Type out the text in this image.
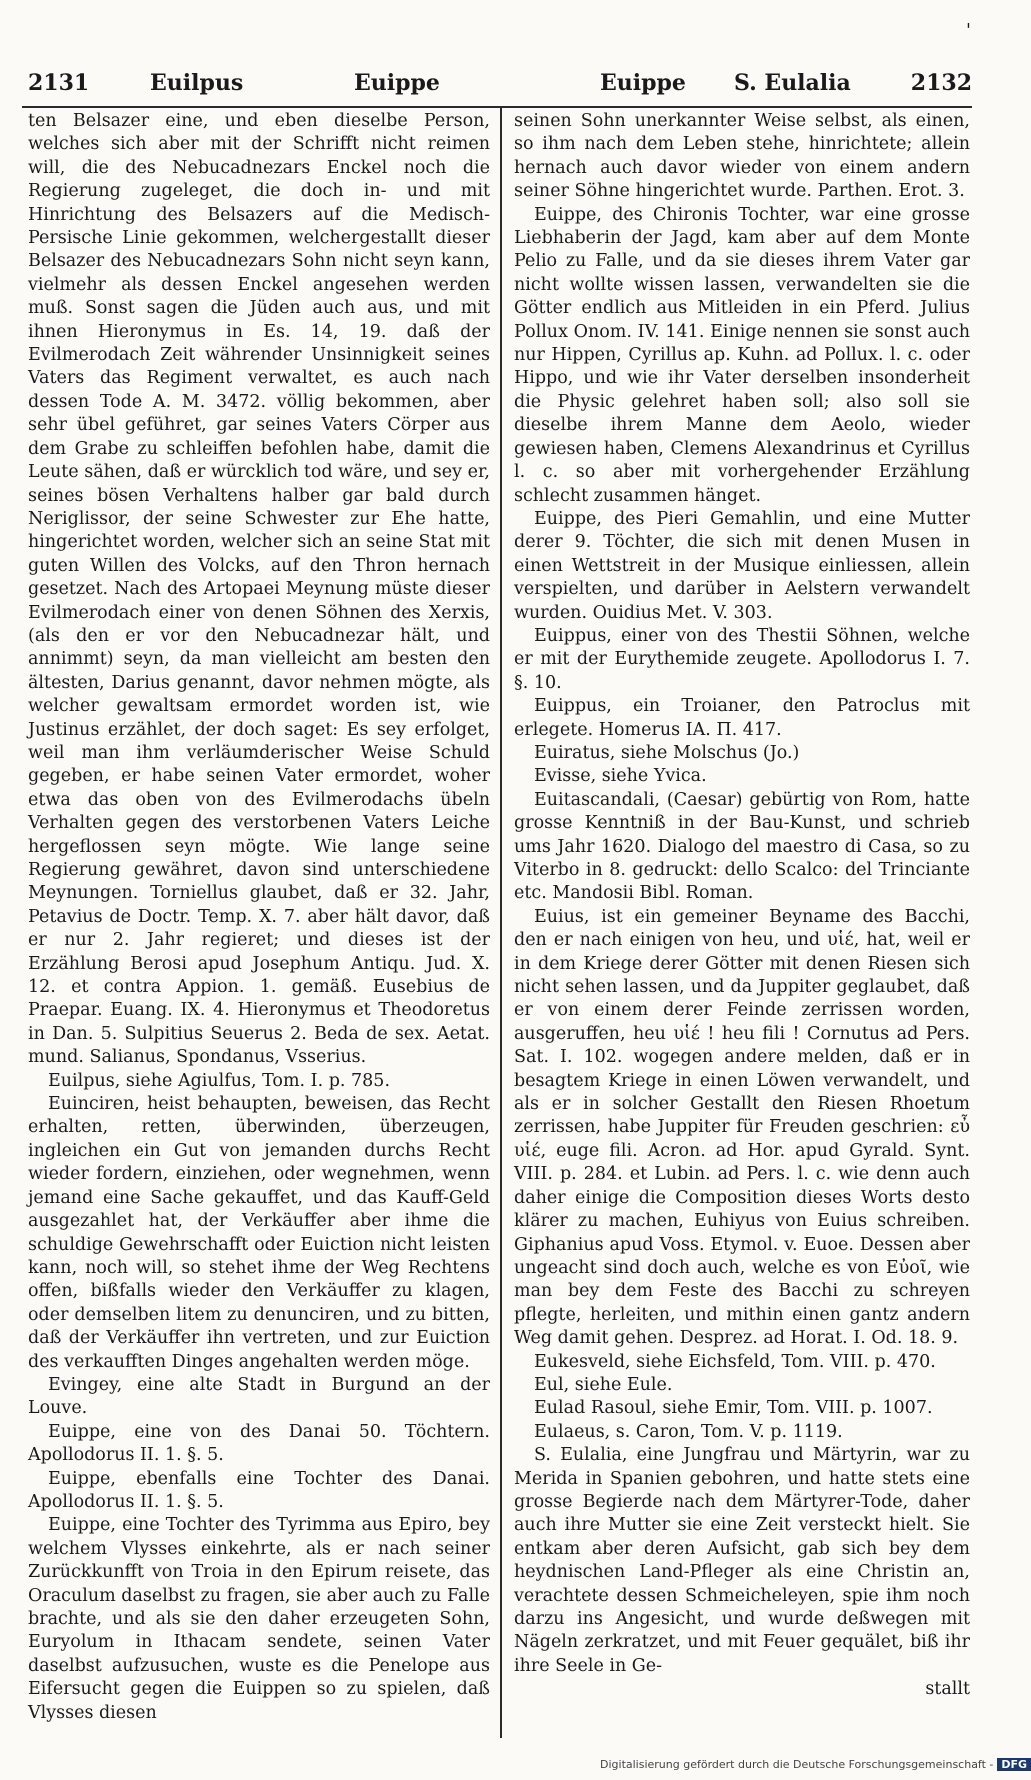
'
2131	Euilpus	Euippe	Euippe S. Eulalia	2132

ten Belsazer eine, und eben dieselbe Person, welches sich aber mit der Schrifft nicht reimen will, die des Nebucadnezars Enckel noch die Regierung zugeleget, die doch in- und mit Hinrichtung des Belsazers auf die Medisch-Persische Linie gekommen, welchergestallt dieser Belsazer des Nebucadnezars Sohn nicht seyn kann, vielmehr als dessen Enckel angesehen werden muß. Sonst sagen die Jüden auch aus, und mit ihnen Hieronymus in Es. 14, 19. daß der Evilmerodach Zeit währender Unsinnigkeit seines Vaters das Regiment verwaltet, es auch nach dessen Tode A. M. 3472. völlig bekommen, aber sehr übel geführet, gar seines Vaters Cörper aus dem Grabe zu schleiffen befohlen habe, damit die Leute sähen, daß er würcklich tod wäre, und sey er, seines bösen Verhaltens halber gar bald durch Neriglissor, der seine Schwester zur Ehe hatte, hingerichtet worden, welcher sich an seine Stat mit guten Willen des Volcks, auf den Thron hernach gesetzet. Nach des Artopaei Meynung müste dieser Evilmerodach einer von denen Söhnen des Xerxis, (als den er vor den Nebucadnezar hält, und annimmt) seyn, da man vielleicht am besten den ältesten, Darius genannt, davor nehmen mögte, als welcher gewaltsam ermordet worden ist, wie Justinus erzählet, der doch saget: Es sey erfolget, weil man ihm verläumderischer Weise Schuld gegeben, er habe seinen Vater ermordet, woher etwa das oben von des Evilmerodachs übeln Verhalten gegen des verstorbenen Vaters Leiche hergeflossen seyn mögte. Wie lange seine Regierung gewähret, davon sind unterschiedene Meynungen. Torniellus glaubet, daß er 32. Jahr, Petavius de Doctr. Temp. X. 7. aber hält davor, daß er nur 2. Jahr regieret; und dieses ist der Erzählung Berosi apud Josephum Antiqu. Jud. X. 12. et contra Appion. 1. gemäß. Eusebius de Praepar. Euang. IX. 4. Hieronymus et Theodoretus in Dan. 5. Sulpitius Seuerus 2. Beda de sex. Aetat. mund. Salianus, Spondanus, Vsserius.

Euilpus, siehe Agiulfus, Tom. I. p. 785.

Euinciren, heist behaupten, beweisen, das Recht erhalten, retten, überwinden, überzeugen, ingleichen ein Gut von jemanden durchs Recht wieder fordern, einziehen, oder wegnehmen, wenn jemand eine Sache gekauffet, und das Kauff-Geld ausgezahlet hat, der Verkäuffer aber ihme die schuldige Gewehrschafft oder Euiction nicht leisten kann, noch will, so stehet ihme der Weg Rechtens offen, bißfalls wieder den Verkäuffer zu klagen, oder demselben litem zu denunciren, und zu bitten, daß der Verkäuffer ihn vertreten, und zur Euiction des verkaufften Dinges angehalten werden möge.

Evingey, eine alte Stadt in Burgund an der Louve.

Euippe, eine von des Danai 50. Töchtern. Apollodorus II. 1. §. 5.

Euippe, ebenfalls eine Tochter des Danai. Apollodorus II. 1. §. 5.

Euippe, eine Tochter des Tyrimma aus Epiro, bey welchem Vlysses einkehrte, als er nach seiner Zurückkunfft von Troia in den Epirum reisete, das Oraculum daselbst zu fragen, sie aber auch zu Falle brachte, und als sie den daher erzeugeten Sohn, Euryolum in Ithacam sendete, seinen Vater daselbst aufzusuchen, wuste es die Penelope aus Eifersucht gegen die Euippen so zu spielen, daß Vlysses diesen

seinen Sohn unerkannter Weise selbst, als einen, so ihm nach dem Leben stehe, hinrichtete; allein hernach auch davor wieder von einem andern seiner Söhne hingerichtet wurde. Parthen. Erot. 3.

Euippe, des Chironis Tochter, war eine grosse Liebhaberin der Jagd, kam aber auf dem Monte Pelio zu Falle, und da sie dieses ihrem Vater gar nicht wollte wissen lassen, verwandelten sie die Götter endlich aus Mitleiden in ein Pferd. Julius Pollux Onom. IV. 141. Einige nennen sie sonst auch nur Hippen, Cyrillus ap. Kuhn. ad Pollux. l. c. oder Hippo, und wie ihr Vater derselben insonderheit die Physic gelehret haben soll; also soll sie dieselbe ihrem Manne dem Aeolo, wieder gewiesen haben, Clemens Alexandrinus et Cyrillus l. c. so aber mit vorhergehender Erzählung schlecht zusammen hänget.

Euippe, des Pieri Gemahlin, und eine Mutter derer 9. Töchter, die sich mit denen Musen in einen Wettstreit in der Musique einliessen, allein verspielten, und darüber in Aelstern verwandelt wurden. Ouidius Met. V. 303.

Euippus, einer von des Thestii Söhnen, welche er mit der Eurythemide zeugete. Apollodorus I. 7. §. 10.

Euippus, ein Troianer, den Patroclus mit erlegete. Homerus IA. Π. 417.

Euiratus, siehe Molschus (Jo.)

Evisse, siehe Yvica.

Euitascandali, (Caesar) gebürtig von Rom, hatte grosse Kenntniß in der Bau-Kunst, und schrieb ums Jahr 1620. Dialogo del maestro di Casa, so zu Viterbo in 8. gedruckt: dello Scalco: del Trinciante etc. Mandosii Bibl. Roman.

Euius, ist ein gemeiner Beyname des Bacchi, den er nach einigen von heu, und υἱέ, hat, weil er in dem Kriege derer Götter mit denen Riesen sich nicht sehen lassen, und da Juppiter geglaubet, daß er von einem derer Feinde zerrissen worden, ausgeruffen, heu υἱέ ! heu fili ! Cornutus ad Pers. Sat. I. 102. wogegen andere melden, daß er in besagtem Kriege in einen Löwen verwandelt, und als er in solcher Gestallt den Riesen Rhoetum zerrissen, habe Juppiter für Freuden geschrien: εὖ υἱέ, euge fili. Acron. ad Hor. apud Gyrald. Synt. VIII. p. 284. et Lubin. ad Pers. l. c. wie denn auch daher einige die Composition dieses Worts desto klärer zu machen, Euhiyus von Euius schreiben. Giphanius apud Voss. Etymol. v. Euoe. Dessen aber ungeacht sind doch auch, welche es von Εὐοῖ, wie man bey dem Feste des Bacchi zu schreyen pflegte, herleiten, und mithin einen gantz andern Weg damit gehen. Desprez. ad Horat. I. Od. 18. 9.

Eukesveld, siehe Eichsfeld, Tom. VIII. p. 470.

Eul, siehe Eule.

Eulad Rasoul, siehe Emir, Tom. VIII. p. 1007.

Eulaeus, s. Caron, Tom. V. p. 1119.

S. Eulalia, eine Jungfrau und Märtyrin, war zu Merida in Spanien gebohren, und hatte stets eine grosse Begierde nach dem Märtyrer-Tode, daher auch ihre Mutter sie eine Zeit versteckt hielt. Sie entkam aber deren Aufsicht, gab sich bey dem heydnischen Land-Pfleger als eine Christin an, verachtete dessen Schmeicheleyen, spie ihm noch darzu ins Angesicht, und wurde deßwegen mit Nägeln zerkratzet, und mit Feuer gequälet, biß ihr ihre Seele in Ge-

stallt

Digitalisierung gefördert durch die Deutsche Forschungsgemeinschaft - DFG
